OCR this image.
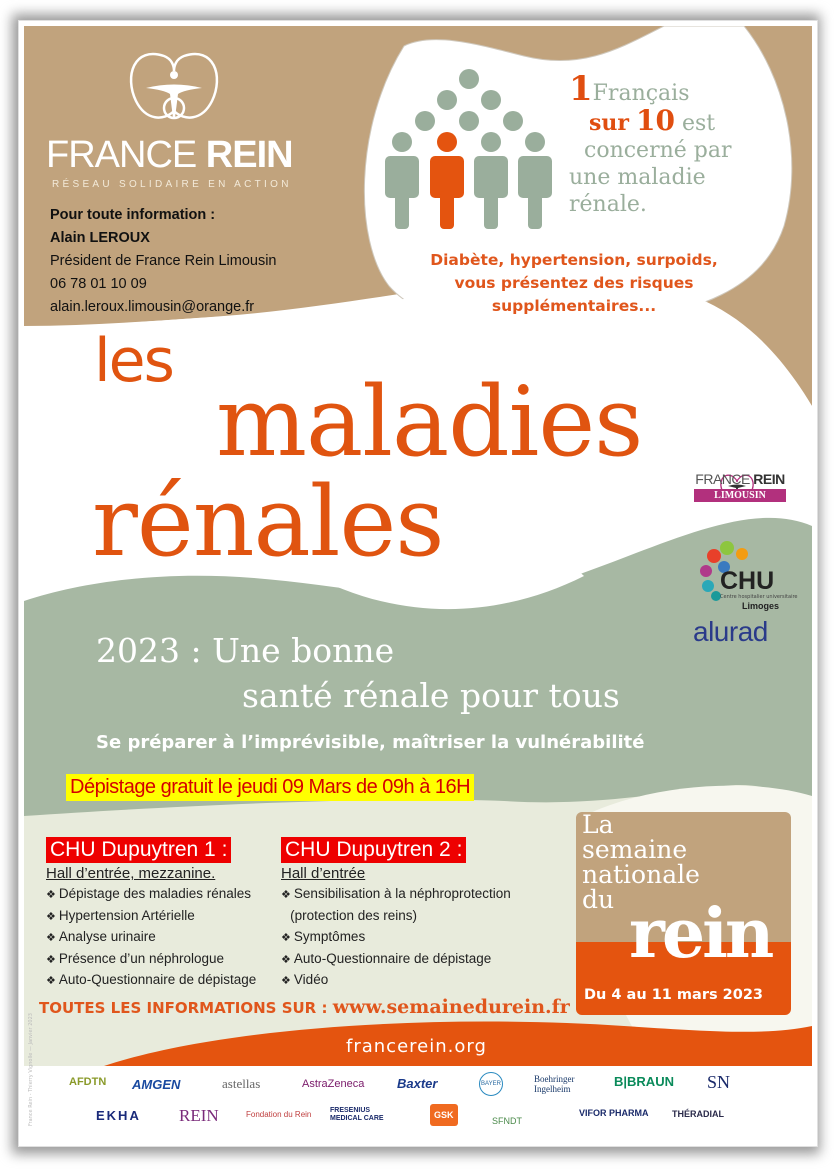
FRANCE REIN
RÉSEAU SOLIDAIRE EN ACTION
Pour toute information :
Alain LEROUX
Président de France Rein Limousin
06 78 01 10 09
alain.leroux.limousin@orange.fr
1Français
sur 10 est
concerné par
une maladie
rénale.
Diabète, hypertension, surpoids,
vous présentez des risques
supplémentaires...
les
maladies
rénales	FRANCE REIN
LIMOUSIN
CHU
Centre hospitalier universitaire
Limoges
alurad
2023 : Une bonne
santé rénale pour tous
Se préparer à l’imprévisible, maîtriser la vulnérabilité
Dépistage gratuit le jeudi 09 Mars de 09h à 16H
CHU Dupuytren 1 :
Hall d’entrée, mezzanine.
❖ Dépistage des maladies rénales
❖ Hypertension Artérielle
❖ Analyse urinaire
❖ Présence d’un néphrologue
❖ Auto-Questionnaire de dépistage
CHU Dupuytren 2 :
Hall d’entrée
❖ Sensibilisation à la néphroprotection
(protection des reins)
❖ Symptômes
❖ Auto-Questionnaire de dépistage
❖ Vidéo
La
semaine
nationale
du rein
Du 4 au 11 mars 2023
TOUTES LES INFORMATIONS SUR : www.semainedurein.fr
francerein.org
France Rein - Thierry Vignolle — Janvier 2023	AFDTN AMGEN	astellas	AstraZeneca	Baxter	BAYER	Boehringer Ingelheim	B|BRAUN SN
EKHA REIN	Fondation du Rein	FRESENIUS MEDICAL CARE	GSK
SFNDT
VIFOR PHARMA	THÉRADIAL
